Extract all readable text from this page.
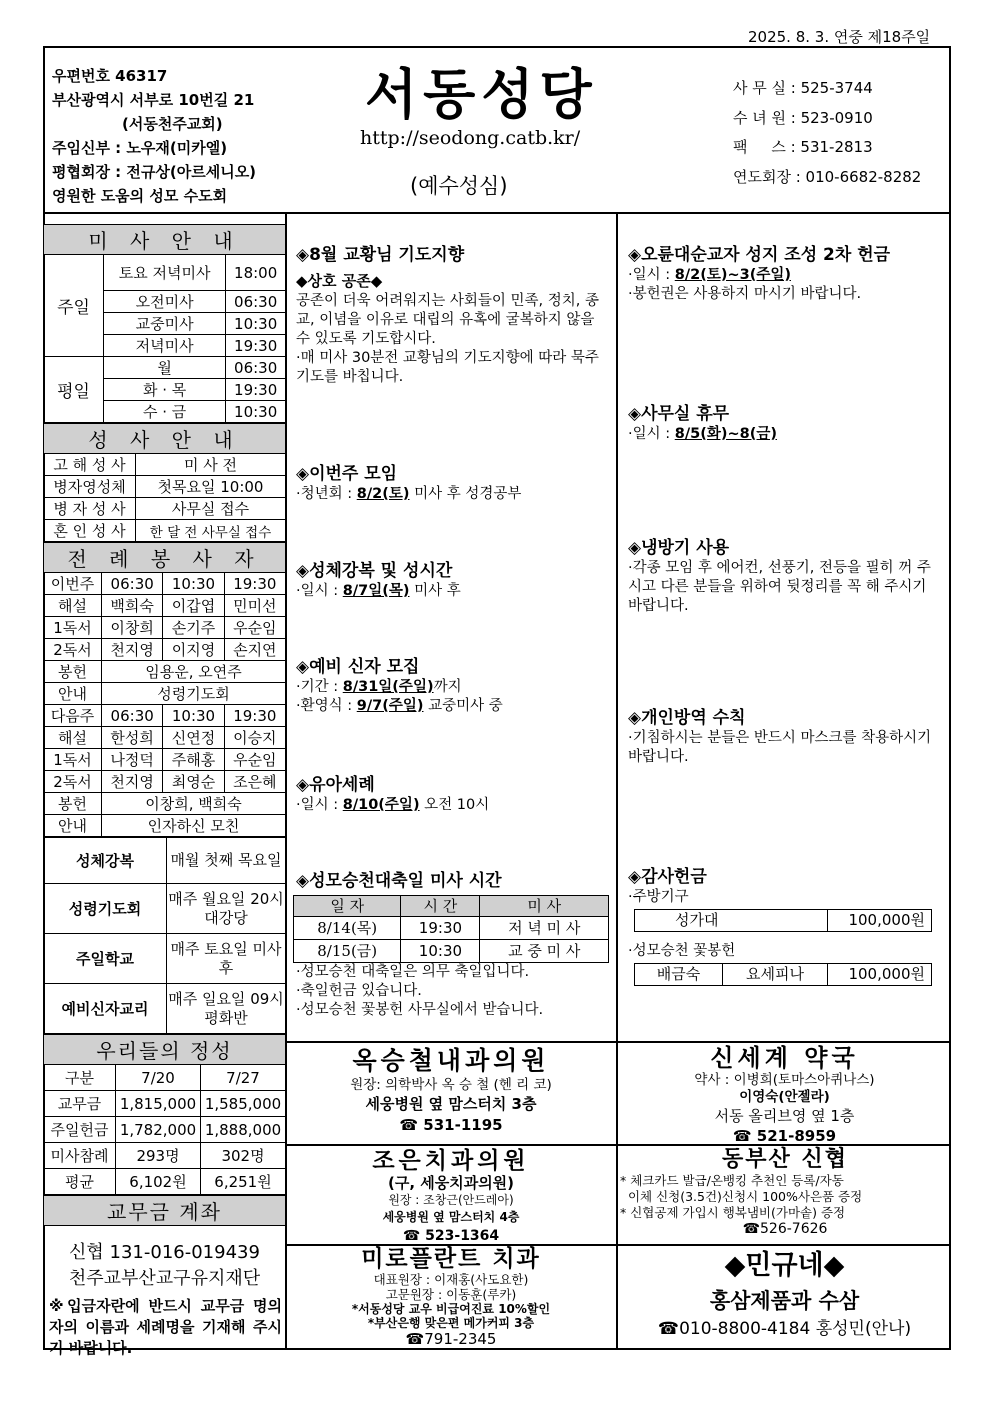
2025. 8. 3. 연중 제18주일
우편번호 46317
부산광역시 서부로 10번길 21
(서동천주교회)
주임신부 : 노우재(미카엘)
평협회장 : 전규상(아르세니오)
영원한 도움의 성모 수도회
서동성당
http://seodong.catb.kr/
(예수성심)
사 무 실 : 525-3744
수 녀 원 : 523-0910
팩     스 : 531-2813
연도회장 : 010-6682-8282
미 사 안 내		
주일	토요 저녁미사	18:00
	오전미사	06:30
	교중미사	10:30
	저녁미사	19:30
평일	월	06:30
	화 · 목	19:30
	수 · 금	10:30
성 사 안 내	
고 해 성 사	미 사 전
병자영성체	첫목요일 10:00
병 자 성 사	사무실 접수
혼 인 성 사	한 달 전 사무실 접수
전 례 봉 사 자			
이번주	06:30	10:30	19:30
해설	백희숙	이갑엽	민미선
1독서	이창희	손기주	우순임
2독서	천지영	이지영	손지연
봉헌	임용운, 오연주		
안내	성령기도회		
다음주	06:30	10:30	19:30
해설	한성희	신연정	이승지
1독서	나정덕	주해홍	우순임
2독서	천지영	최영순	조은혜
봉헌	이창희, 백희숙		
안내	인자하신 모친		
성체강복	매월 첫째 목요일
성령기도회	매주 월요일 20시 대강당
주일학교	매주 토요일 미사 후
예비신자교리	매주 일요일 09시 평화반
우리들의 정성		
구분	7/20	7/27
교무금	1,815,000	1,585,000
주일헌금	1,782,000	1,888,000
미사참례	293명	302명
평균	6,102원	6,251원
교무금 계좌
신협 131-016-019439
천주교부산교구유지재단
※입금자란에 반드시 교무금 명의자의 이름과 세례명을 기재해 주시기 바랍니다.
◈8월 교황님 기도지향
◆상호 공존◆
공존이 더욱 어려워지는 사회들이 민족, 정치, 종교, 이념을 이유로 대립의 유혹에 굴복하지 않을 수 있도록 기도합시다.
·매 미사 30분전 교황님의 기도지향에 따라 묵주기도를 바칩니다.
◈이번주 모임
·청년회 : 8/2(토) 미사 후 성경공부
◈성체강복 및 성시간
·일시 : 8/7일(목) 미사 후
◈예비 신자 모집
·기간 : 8/31일(주일)까지
·환영식 : 9/7(주일) 교중미사 중
◈유아세례
·일시 : 8/10(주일) 오전 10시
◈성모승천대축일 미사 시간
일 자	시 간	미 사
8/14(목)	19:30	저 녁 미 사
8/15(금)	10:30	교 중 미 사
·성모승천 대축일은 의무 축일입니다.
·축일헌금 있습니다.
·성모승천 꽃봉헌 사무실에서 받습니다.
◈오륜대순교자 성지 조성 2차 헌금
·일시 : 8/2(토)~3(주일)
·봉헌권은 사용하지 마시기 바랍니다.
◈사무실 휴무
·일시 : 8/5(화)~8(금)
◈냉방기 사용
·각종 모임 후 에어컨, 선풍기, 전등을 필히 꺼 주시고 다른 분들을 위하여 뒷정리를 꼭 해 주시기 바랍니다.
◈개인방역 수칙
·기침하시는 분들은 반드시 마스크를 착용하시기 바랍니다.
◈감사헌금
·주방기구
성가대	100,000원
·성모승천 꽃봉헌
배금숙	요세피나	100,000원
옥승철내과의원
원장: 의학박사 옥 승 철 (헨 리 코)
세웅병원 옆 맘스터치 3층
☎ 531-1195
신세계 약국
약사 : 이병희(토마스아퀴나스)
이영숙(안젤라)
서동 올리브영 옆 1층
☎ 521-8959
조은치과의원
(구, 세웅치과의원)
원장 : 조창근(안드레아)
세웅병원 옆 맘스터치 4층
☎ 523-1364
동부산 신협
* 체크카드 발급/온뱅킹 추천인 등록/자동
이체 신청(3.5건)신청시 100%사은품 증정
* 신협공제 가입시 행복냄비(가마솥) 증정
☎526-7626
미로플란트 치과
대표원장 : 이재홍(사도요한)
고문원장 : 이동훈(루카)
*서동성당 교우 비급여진료 10%할인
*부산은행 맞은편 메가커피 3층
☎791-2345
◆민규네◆
홍삼제품과 수삼
☎010-8800-4184 홍성민(안나)
